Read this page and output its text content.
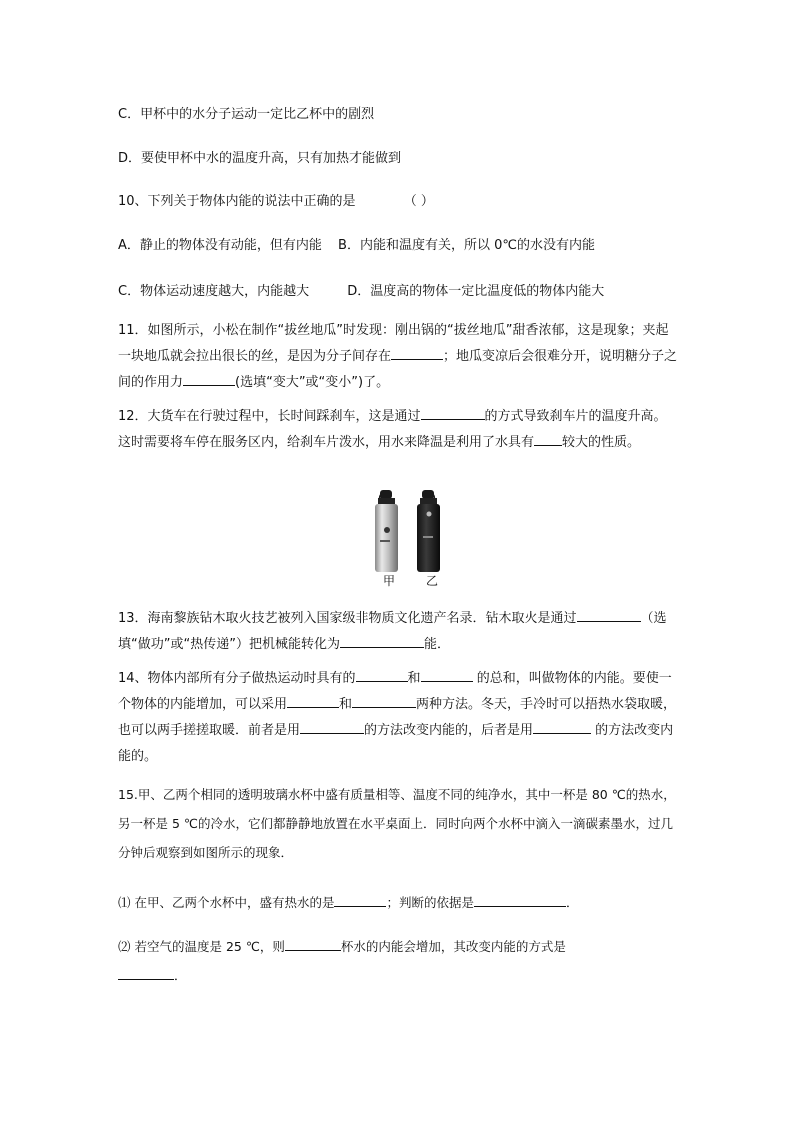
C．甲杯中的水分子运动一定比乙杯中的剧烈
D．要使甲杯中水的温度升高，只有加热才能做到
10、下列关于物体内能的说法中正确的是	（ ）
A．静止的物体没有动能，但有内能 B．内能和温度有关，所以 0℃的水没有内能
C．物体运动速度越大，内能越大	D．温度高的物体一定比温度低的物体内能大
11．如图所示，小松在制作“拔丝地瓜”时发现：刚出锅的“拔丝地瓜”甜香浓郁，这是现象；夹起一块地瓜就会拉出很长的丝，是因为分子间存在	；地瓜变凉后会很难分开，说明糖分子之间的作用力	(选填“变大”或“变小”)了。
12．大货车在行驶过程中，长时间踩刹车，这是通过	的方式导致刹车片的温度升高。这时需要将车停在服务区内，给刹车片泼水，用水来降温是利用了水具有 较大的性质。
甲	乙
13．海南黎族钻木取火技艺被列入国家级非物质文化遗产名录．钻木取火是通过	（选填“做功”或“热传递”）把机械能转化为	能．
14、物体内部所有分子做热运动时具有的	和	的总和，叫做物体的内能。要使一个物体的内能增加，可以采用	和	两种方法。冬天，手冷时可以捂热水袋取暖，也可以两手搓搓取暖．前者是用	的方法改变内能的，后者是用	的方法改变内能的。
15.甲、乙两个相同的透明玻璃水杯中盛有质量相等、温度不同的纯净水，其中一杯是 80 ℃的热水，另一杯是 5 ℃的冷水，它们都静静地放置在水平桌面上．同时向两个水杯中滴入一滴碳素墨水，过几分钟后观察到如图所示的现象．
⑴ 在甲、乙两个水杯中，盛有热水的是	；判断的依据是	．
⑵ 若空气的温度是 25 ℃，则	杯水的内能会增加，其改变内能的方式是
．
